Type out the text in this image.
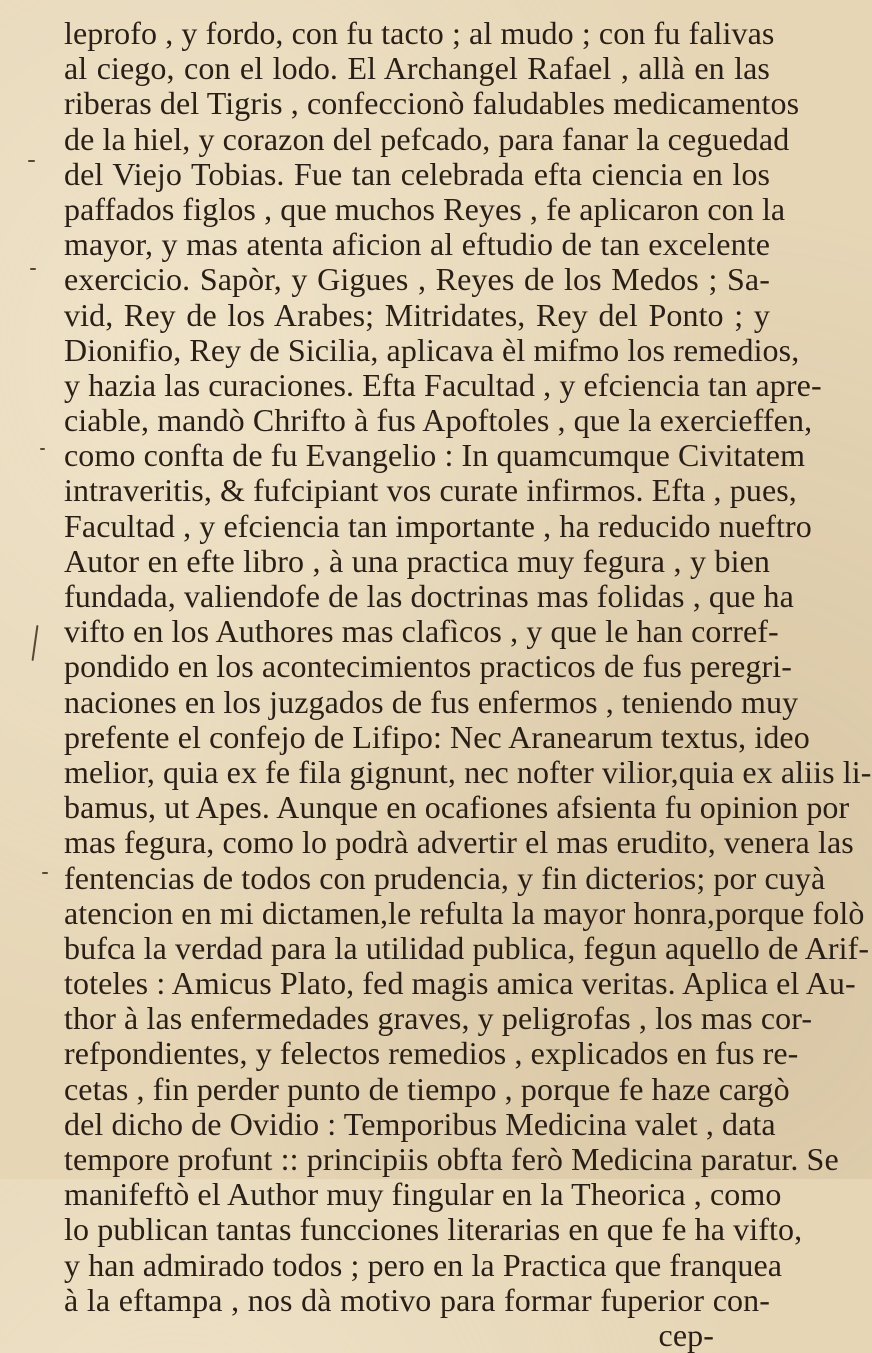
leprofo , y fordo, con fu tacto ; al mudo ; con fu falivas
al ciego, con el lodo. El Archangel Rafael , allà en las
riberas del Tigris , confeccionò faludables medicamentos
de la hiel, y corazon del pefcado, para fanar la ceguedad
del Viejo Tobias. Fue tan celebrada efta ciencia en los
paffados figlos , que muchos Reyes , fe aplicaron con la
mayor, y mas atenta aficion al eftudio de tan excelente
exercicio. Sapòr, y Gigues , Reyes de los Medos ; Sa-
vid, Rey de los Arabes; Mitridates, Rey del Ponto ; y
Dionifio, Rey de Sicilia, aplicava èl mifmo los remedios,
y hazia las curaciones. Efta Facultad , y efciencia tan apre-
ciable, mandò Chrifto à fus Apoftoles , que la exercieffen,
como confta de fu Evangelio : In quamcumque Civitatem
intraveritis, & fufcipiant vos curate infirmos. Efta , pues,
Facultad , y efciencia tan importante , ha reducido nueftro
Autor en efte libro , à una practica muy fegura , y bien
fundada, valiendofe de las doctrinas mas folidas , que ha
vifto en los Authores mas clafìcos , y que le han corref-
pondido en los acontecimientos practicos de fus peregri-
naciones en los juzgados de fus enfermos , teniendo muy
prefente el confejo de Lifipo: Nec Aranearum textus, ideo
melior, quia ex fe fila gignunt, nec nofter vilior,quia ex aliis li-
bamus, ut Apes. Aunque en ocafiones afsienta fu opinion por
mas fegura, como lo podrà advertir el mas erudito, venera las
fentencias de todos con prudencia, y fin dicterios; por cuyà
atencion en mi dictamen,le refulta la mayor honra,porque folò
bufca la verdad para la utilidad publica, fegun aquello de Arif-
toteles : Amicus Plato, fed magis amica veritas. Aplica el Au-
thor à las enfermedades graves, y peligrofas , los mas cor-
refpondientes, y felectos remedios , explicados en fus re-
cetas , fin perder punto de tiempo , porque fe haze cargò
del dicho de Ovidio : Temporibus Medicina valet , data
tempore profunt :: principiis obfta ferò Medicina paratur. Se
manifeftò el Author muy fingular en la Theorica , como
lo publican tantas funcciones literarias en que fe ha vifto,
y han admirado todos ; pero en la Practica que franquea
à la eftampa , nos dà motivo para formar fuperior con-
cep-
